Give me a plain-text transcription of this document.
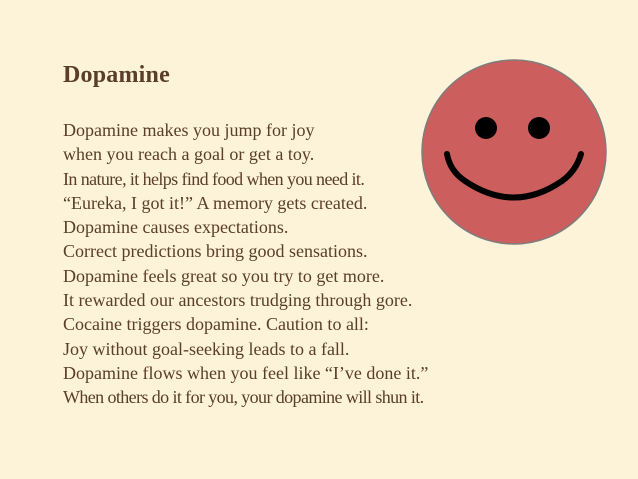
Dopamine
Dopamine makes you jump for joy
when you reach a goal or get a toy.
In nature, it helps find food when you need it.
“Eureka, I got it!” A memory gets created.
Dopamine causes expectations.
Correct predictions bring good sensations.
Dopamine feels great so you try to get more.
It rewarded our ancestors trudging through gore.
Cocaine triggers dopamine. Caution to all:
Joy without goal-seeking leads to a fall.
Dopamine flows when you feel like “I’ve done it.”
When others do it for you, your dopamine will shun it.
